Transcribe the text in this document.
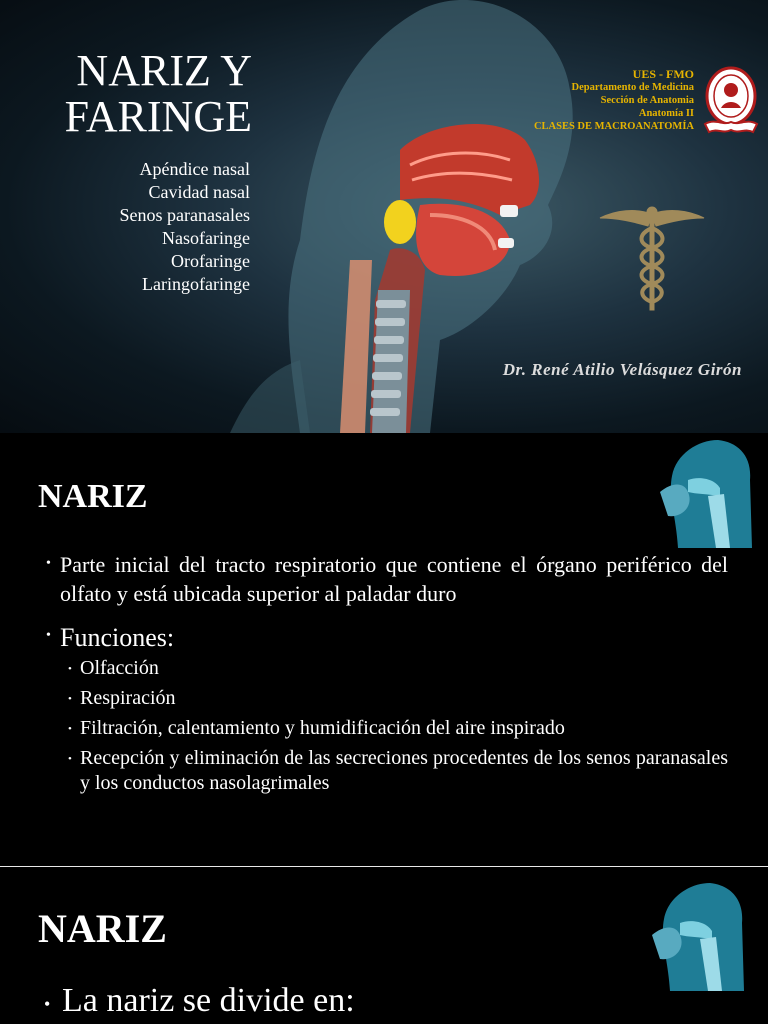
NARIZ Y
FARINGE
Apéndice nasal
Cavidad nasal
Senos paranasales
Nasofaringe
Orofaringe
Laringofaringe
UES - FMO
Departamento de Medicina
Sección de Anatomia
Anatomía II
CLASES DE MACROANATOMÍA
Dr. René Atilio Velásquez Girón
NARIZ
• Parte inicial del tracto respiratorio que contiene el órgano periférico del olfato y está ubicada superior al paladar duro
• Funciones:
• Olfacción
• Respiración
• Filtración, calentamiento y humidificación del aire inspirado
• Recepción y eliminación de las secreciones procedentes de los senos paranasales y los conductos nasolagrimales
NARIZ
• La nariz se divide en:
